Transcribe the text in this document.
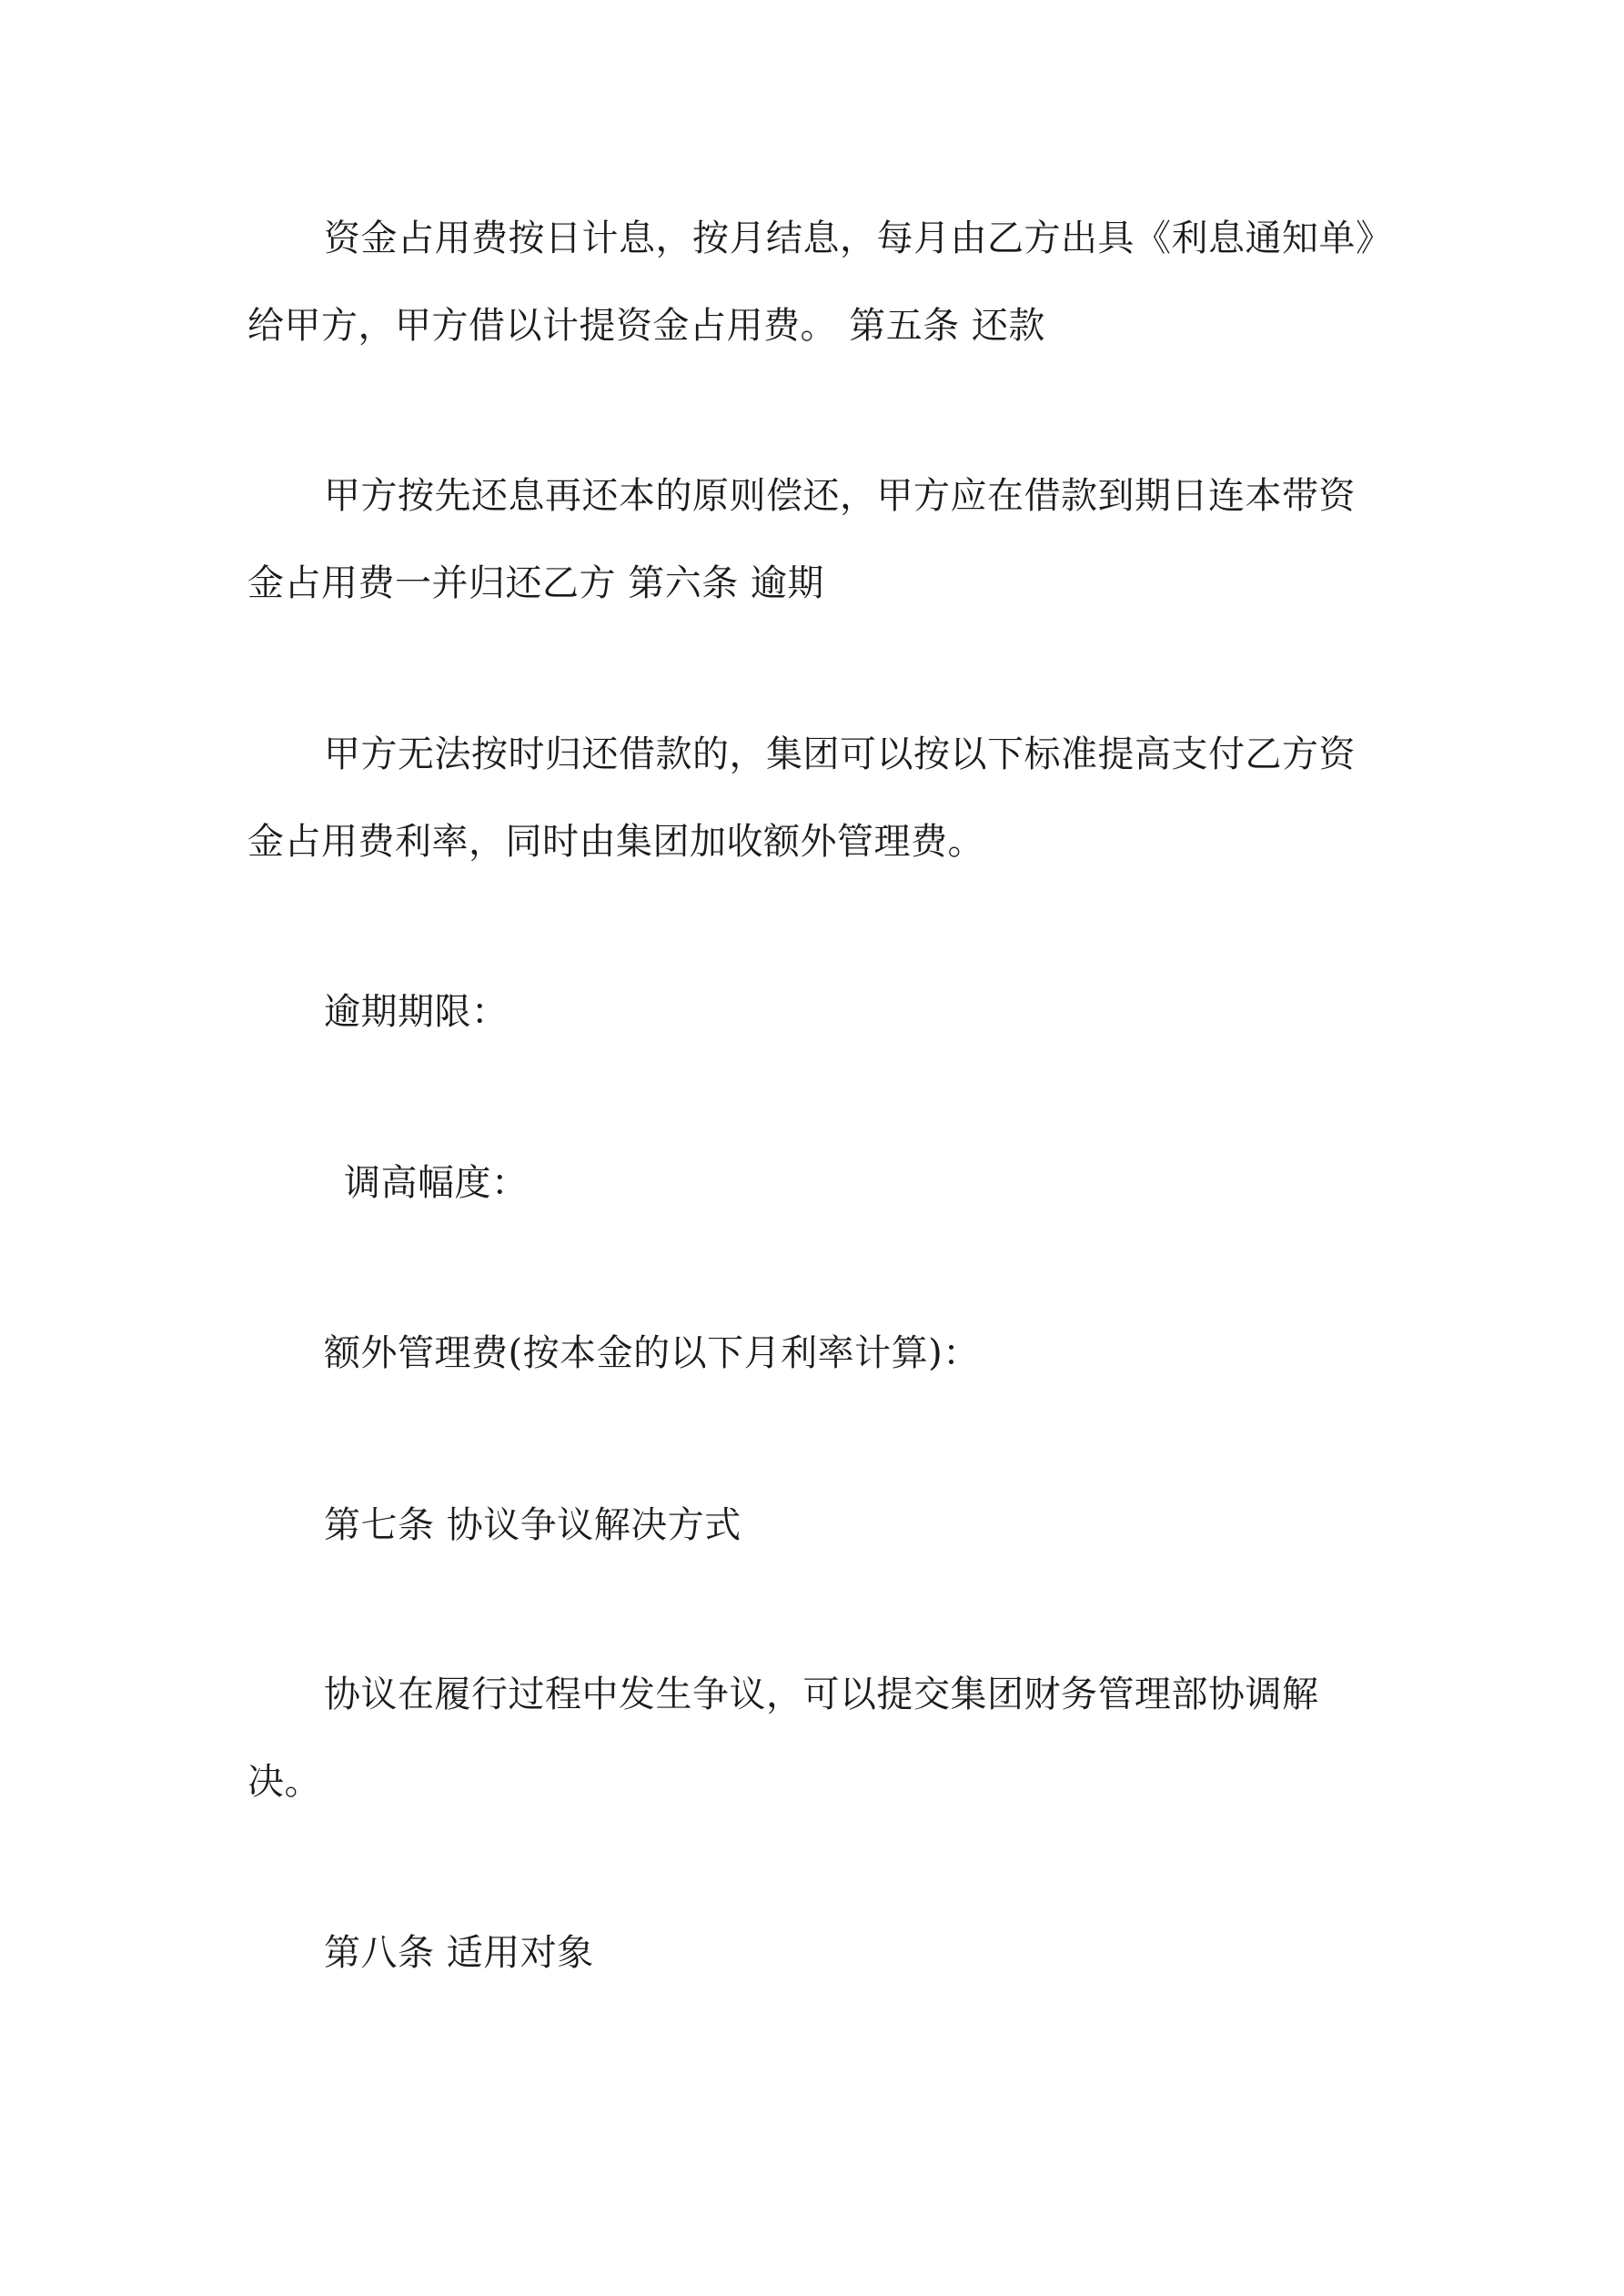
资金占用费按日计息，按月结息，每月由乙方出具《利息通知单》
给甲方，甲方借以计提资金占用费。 第五条 还款
甲方按先还息再还本的原则偿还，甲方应在借款到期日连本带资
金占用费一并归还乙方 第六条 逾期
甲方无法按时归还借款的，集团可以按以下标准提高支付乙方资
金占用费利率，同时由集团加收额外管理费。
逾期期限：
调高幅度：
额外管理费(按本金的以下月利率计算)：
第七条 协议争议解决方式
协议在履行过程中发生争议，可以提交集团财务管理部协调解
决。
第八条 适用对象
